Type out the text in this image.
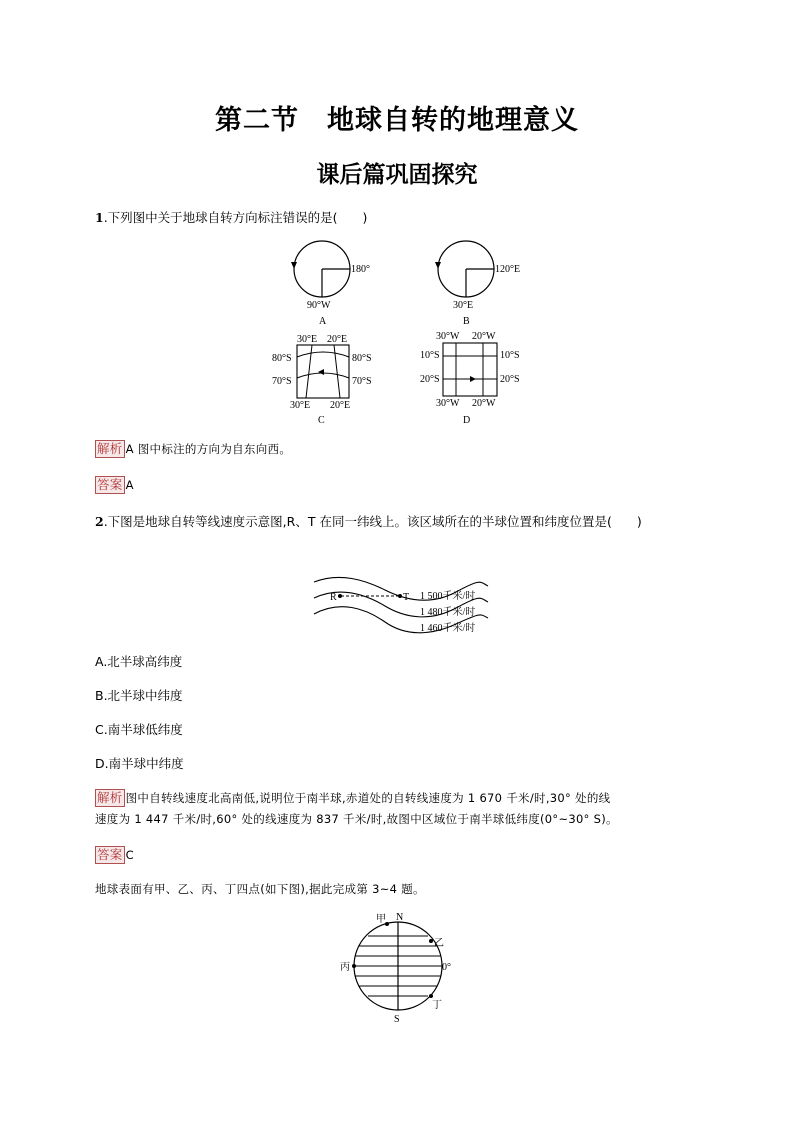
第二节　地球自转的地理意义
课后篇巩固探究
1.下列图中关于地球自转方向标注错误的是(　　)
180°
90°W
A
120°E
30°E
B
30°E 20°E
80°S	80°S
70°S	70°S
30°E 20°E
C
30°W 20°W
10°S	10°S
20°S	20°S
30°W 20°W
D
解析 A 图中标注的方向为自东向西。
答案 A
2.下图是地球自转等线速度示意图,R、T 在同一纬线上。该区域所在的半球位置和纬度位置是(　　)
R	T 1 500千米/时
1 480千米/时
1 460千米/时
A.北半球高纬度
B.北半球中纬度
C.南半球低纬度
D.南半球中纬度
解析 图中自转线速度北高南低,说明位于南半球,赤道处的自转线速度为 1 670 千米/时,30° 处的线
速度为 1 447 千米/时,60° 处的线速度为 837 千米/时,故图中区域位于南半球低纬度(0°~30° S)。
答案 C
地球表面有甲、乙、丙、丁四点(如下图),据此完成第 3~4 题。
甲 N
乙
丙	0°
丁
S
